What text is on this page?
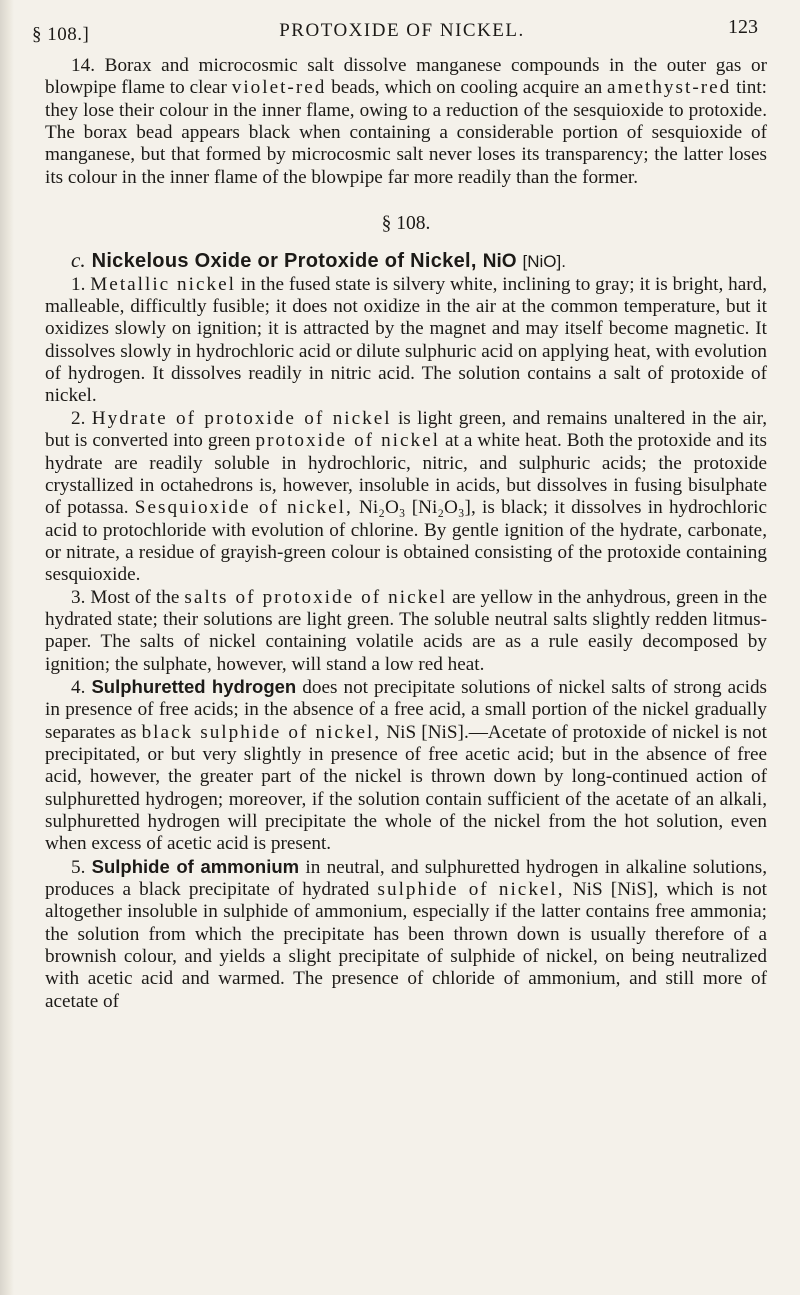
§ 108.]	PROTOXIDE OF NICKEL.	123

14. Borax and microcosmic salt dissolve manganese compounds in the outer gas or blowpipe flame to clear violet-red beads, which on cooling acquire an amethyst-red tint: they lose their colour in the inner flame, owing to a reduction of the sesquioxide to protoxide. The borax bead appears black when containing a considerable portion of sesquioxide of manganese, but that formed by microcosmic salt never loses its transparency; the latter loses its colour in the inner flame of the blowpipe far more readily than the former.

§ 108.

c. Nickelous Oxide or Protoxide of Nickel, NiO [NiO].

1. Metallic nickel in the fused state is silvery white, inclining to gray; it is bright, hard, malleable, difficultly fusible; it does not oxidize in the air at the common temperature, but it oxidizes slowly on ignition; it is attracted by the magnet and may itself become magnetic. It dissolves slowly in hydrochloric acid or dilute sulphuric acid on applying heat, with evolution of hydrogen. It dissolves readily in nitric acid. The solution contains a salt of protoxide of nickel.

2. Hydrate of protoxide of nickel is light green, and remains unaltered in the air, but is converted into green protoxide of nickel at a white heat. Both the protoxide and its hydrate are readily soluble in hydrochloric, nitric, and sulphuric acids; the protoxide crystallized in octahedrons is, however, insoluble in acids, but dissolves in fusing bisulphate of potassa. Sesquioxide of nickel, Ni₂O₃ [Ni₂O₃], is black; it dissolves in hydrochloric acid to protochloride with evolution of chlorine. By gentle ignition of the hydrate, carbonate, or nitrate, a residue of grayish-green colour is obtained consisting of the protoxide containing sesquioxide.

3. Most of the salts of protoxide of nickel are yellow in the anhydrous, green in the hydrated state; their solutions are light green. The soluble neutral salts slightly redden litmus-paper. The salts of nickel containing volatile acids are as a rule easily decomposed by ignition; the sulphate, however, will stand a low red heat.

4. Sulphuretted hydrogen does not precipitate solutions of nickel salts of strong acids in presence of free acids; in the absence of a free acid, a small portion of the nickel gradually separates as black sulphide of nickel, NiS [NiS].—Acetate of protoxide of nickel is not precipitated, or but very slightly in presence of free acetic acid; but in the absence of free acid, however, the greater part of the nickel is thrown down by long-continued action of sulphuretted hydrogen; moreover, if the solution contain sufficient of the acetate of an alkali, sulphuretted hydrogen will precipitate the whole of the nickel from the hot solution, even when excess of acetic acid is present.

5. Sulphide of ammonium in neutral, and sulphuretted hydrogen in alkaline solutions, produces a black precipitate of hydrated sulphide of nickel, NiS [NiS], which is not altogether insoluble in sulphide of ammonium, especially if the latter contains free ammonia; the solution from which the precipitate has been thrown down is usually therefore of a brownish colour, and yields a slight precipitate of sulphide of nickel, on being neutralized with acetic acid and warmed. The presence of chloride of ammonium, and still more of acetate of
